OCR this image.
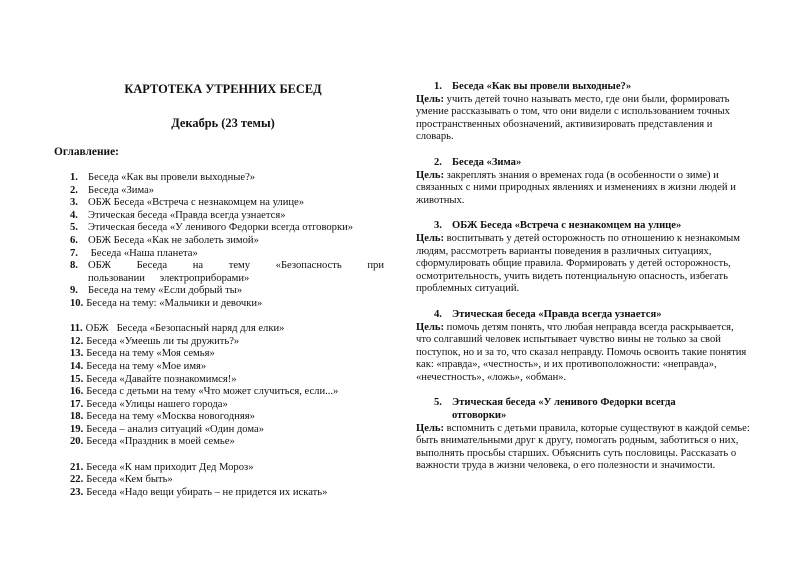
КАРТОТЕКА УТРЕННИХ БЕСЕД
Декабрь (23 темы)
Оглавление:
1. Беседа «Как вы провели выходные?»
2. Беседа «Зима»
3. ОБЖ Беседа «Встреча с незнакомцем на улице»
4. Этическая беседа «Правда всегда узнается»
5. Этическая беседа «У ленивого Федорки всегда отговорки»
6. ОБЖ Беседа «Как не заболеть зимой»
7. Беседа «Наша планета»
8. ОБЖ Беседа на тему «Безопасность при пользовании электроприборами»
9. Беседа на тему «Если добрый ты»
10. Беседа на тему: «Мальчики и девочки»
11. ОБЖ   Беседа «Безопасный наряд для елки»
12. Беседа «Умеешь ли ты дружить?»
13. Беседа на тему «Моя семья»
14. Беседа на тему «Мое имя»
15. Беседа «Давайте познакомимся!»
16. Беседа с детьми на тему «Что может случиться, если...»
17. Беседа «Улицы нашего города»
18. Беседа на тему «Москва новогодняя»
19. Беседа – анализ ситуаций «Один дома»
20. Беседа «Праздник в моей семье»
21. Беседа «К нам приходит Дед Мороз»
22. Беседа «Кем быть»
23. Беседа «Надо вещи убирать – не придется их искать»
1. Беседа «Как вы провели выходные?»

Цель: учить детей точно называть место, где они были, формировать умение рассказывать о том, что они видели с использованием точных пространственных обозначений, активизировать представления и словарь.

2. Беседа «Зима»

Цель: закреплять знания о временах года (в особенности о зиме) и связанных с ними природных явлениях и изменениях в жизни людей и животных.

3. ОБЖ Беседа «Встреча с незнакомцем на улице»

Цель: воспитывать у детей осторожность по отношению к незнакомым людям, рассмотреть варианты поведения в различных ситуациях, сформулировать общие правила. Формировать у детей осторожность, осмотрительность, учить видеть потенциальную опасность, избегать проблемных ситуаций.

4. Этическая беседа «Правда всегда узнается»

Цель: помочь детям понять, что любая неправда всегда раскрывается, что солгавший человек испытывает чувство вины не только за свой поступок, но и за то, что сказал неправду. Помочь освоить такие понятия как: «правда», «честность», и их противоположности: «неправда», «нечестность», «ложь», «обман».

5. Этическая беседа «У ленивого Федорки всегда отговорки»

Цель: вспомнить с детьми правила, которые существуют в каждой семье: быть внимательными друг к другу, помогать родным, заботиться о них, выполнять просьбы старших. Объяснить суть пословицы. Рассказать о важности труда в жизни человека, о его полезности и значимости.
